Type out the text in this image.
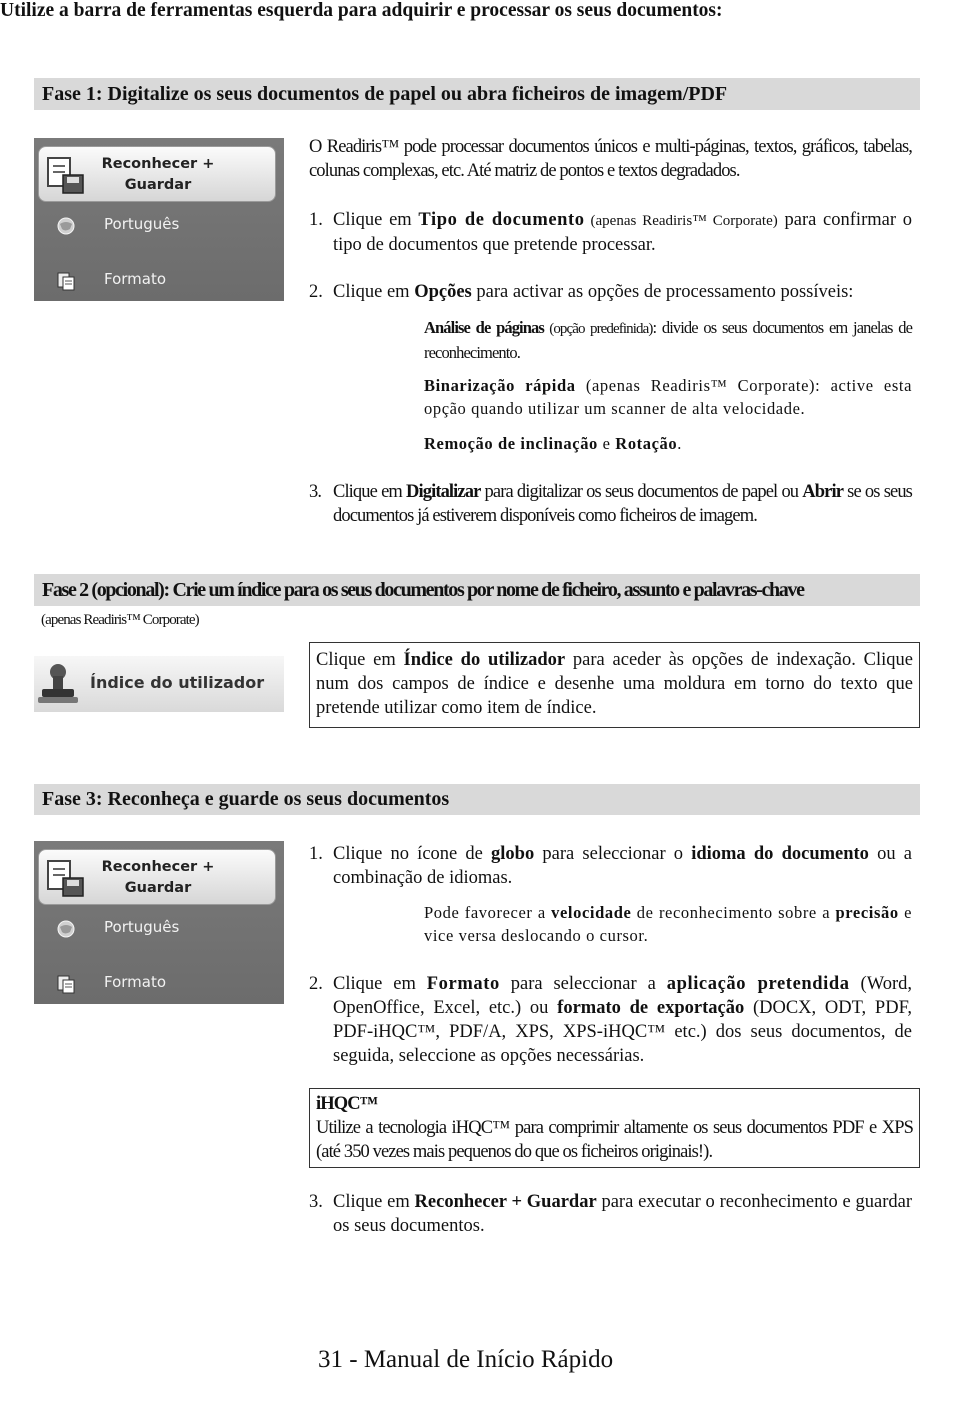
Utilize a barra de ferramentas esquerda para adquirir e processar os seus documentos:
Fase 1: Digitalize os seus documentos de papel ou abra ficheiros de imagem/PDF
Reconhecer +
Guardar
Português
Formato
O Readiris™ pode processar documentos únicos e multi-páginas, textos, gráficos, tabelas, colunas complexas, etc. Até matriz de pontos e textos degradados.
1. Clique em Tipo de documento (apenas Readiris™ Corporate) para confirmar o tipo de documentos que pretende processar.
2. Clique em Opções para activar as opções de processamento possíveis:
Análise de páginas (opção predefinida): divide os seus documentos em janelas de reconhecimento.
Binarização rápida (apenas Readiris™ Corporate): active esta opção quando utilizar um scanner de alta velocidade.
Remoção de inclinação e Rotação.
3. Clique em Digitalizar para digitalizar os seus documentos de papel ou Abrir se os seus documentos já estiverem disponíveis como ficheiros de imagem.
Fase 2 (opcional): Crie um índice para os seus documentos por nome de ficheiro, assunto e palavras-chave
(apenas Readiris™ Corporate)
Índice do utilizador
Clique em Índice do utilizador para aceder às opções de indexação. Clique num dos campos de índice e desenhe uma moldura em torno do texto que pretende utilizar como item de índice.
Fase 3: Reconheça e guarde os seus documentos
Reconhecer +
Guardar
Português
Formato
1. Clique no ícone de globo para seleccionar o idioma do documento ou a combinação de idiomas.
Pode favorecer a velocidade de reconhecimento sobre a precisão e vice versa deslocando o cursor.
2. Clique em Formato para seleccionar a aplicação pretendida (Word, OpenOffice, Excel, etc.) ou formato de exportação (DOCX, ODT, PDF, PDF-iHQC™, PDF/A, XPS, XPS-iHQC™ etc.) dos seus documentos, de seguida, seleccione as opções necessárias.
iHQC™
Utilize a tecnologia iHQC™ para comprimir altamente os seus documentos PDF e XPS (até 350 vezes mais pequenos do que os ficheiros originais!).
3. Clique em Reconhecer + Guardar para executar o reconhecimento e guardar os seus documentos.
31 - Manual de Início Rápido
